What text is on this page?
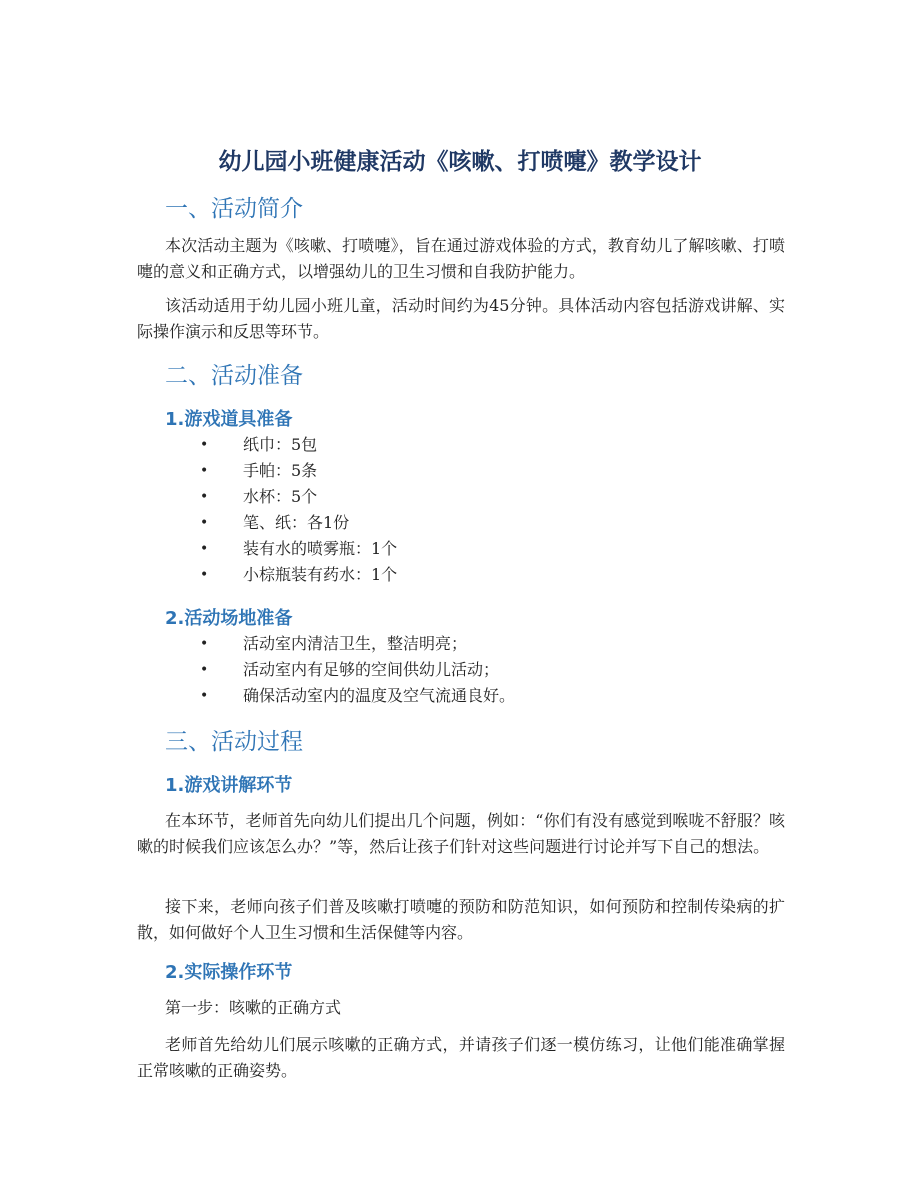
幼儿园小班健康活动《咳嗽、打喷嚏》教学设计
一、活动简介

本次活动主题为《咳嗽、打喷嚏》，旨在通过游戏体验的方式，教育幼儿了解咳嗽、打喷嚏的意义和正确方式，以增强幼儿的卫生习惯和自我防护能力。

该活动适用于幼儿园小班儿童，活动时间约为45分钟。具体活动内容包括游戏讲解、实际操作演示和反思等环节。

二、活动准备
1.游戏道具准备
• 纸巾：5包
• 手帕：5条
• 水杯：5个
• 笔、纸：各1份
• 装有水的喷雾瓶：1个
• 小棕瓶装有药水：1个
2.活动场地准备
• 活动室内清洁卫生，整洁明亮；
• 活动室内有足够的空间供幼儿活动；
• 确保活动室内的温度及空气流通良好。
三、活动过程
1.游戏讲解环节

在本环节，老师首先向幼儿们提出几个问题，例如：“你们有没有感觉到喉咙不舒服？咳嗽的时候我们应该怎么办？”等，然后让孩子们针对这些问题进行讨论并写下自己的想法。

接下来，老师向孩子们普及咳嗽打喷嚏的预防和防范知识，如何预防和控制传染病的扩散，如何做好个人卫生习惯和生活保健等内容。

2.实际操作环节

第一步：咳嗽的正确方式

老师首先给幼儿们展示咳嗽的正确方式，并请孩子们逐一模仿练习，让他们能准确掌握正常咳嗽的正确姿势。
